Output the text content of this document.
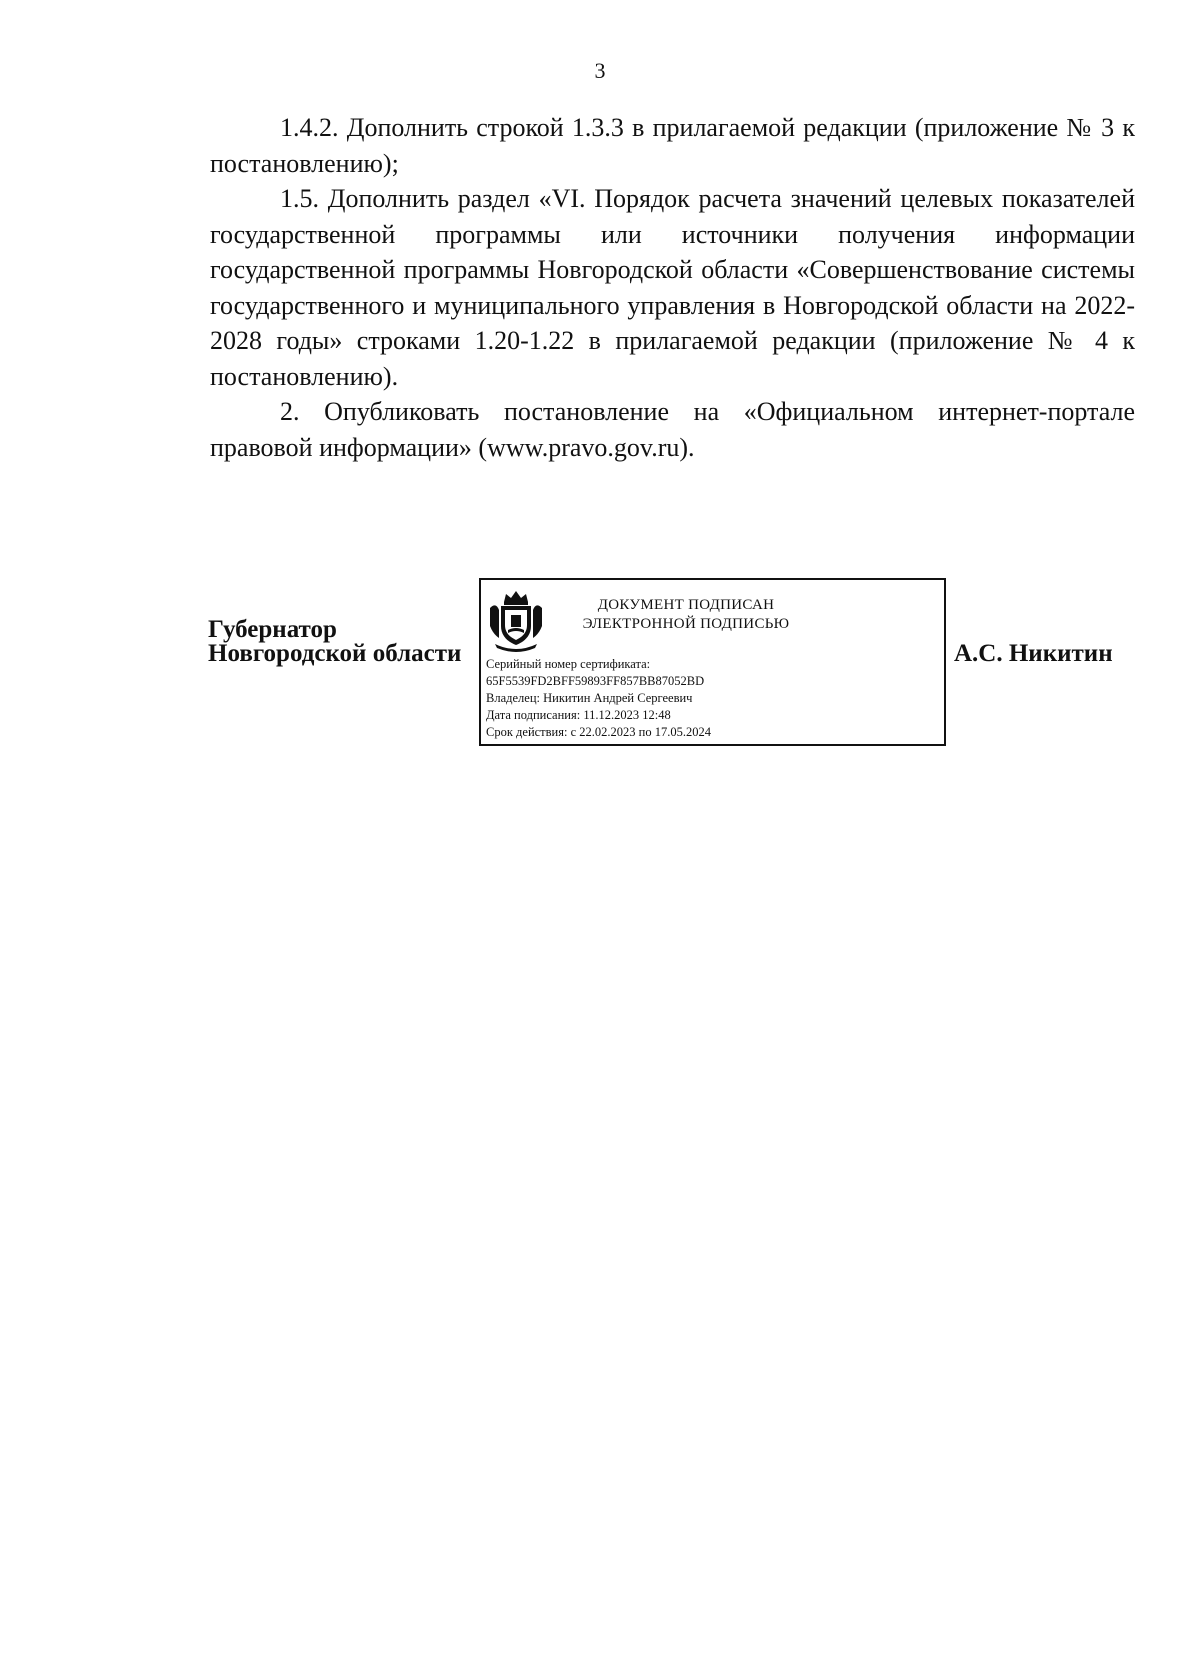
3

1.4.2. Дополнить строкой 1.3.3 в прилагаемой редакции (приложение № 3 к постановлению);

1.5. Дополнить раздел «VI. Порядок расчета значений целевых показателей государственной программы или источники получения информации государственной программы Новгородской области «Совершенствование системы государственного и муниципального управления в Новгородской области на 2022-2028 годы» строками 1.20-1.22 в прилагаемой редакции (приложение № 4 к постановлению).

2. Опубликовать постановление на «Официальном интернет-портале правовой информации» (www.pravo.gov.ru).

Губернатор
Новгородской области
ДОКУМЕНТ ПОДПИСАН
ЭЛЕКТРОННОЙ ПОДПИСЬЮ
Серийный номер сертификата:
65F5539FD2BFF59893FF857BB87052BD
Владелец: Никитин Андрей Сергеевич
Дата подписания: 11.12.2023 12:48
Срок действия: с 22.02.2023 по 17.05.2024
А.С. Никитин
